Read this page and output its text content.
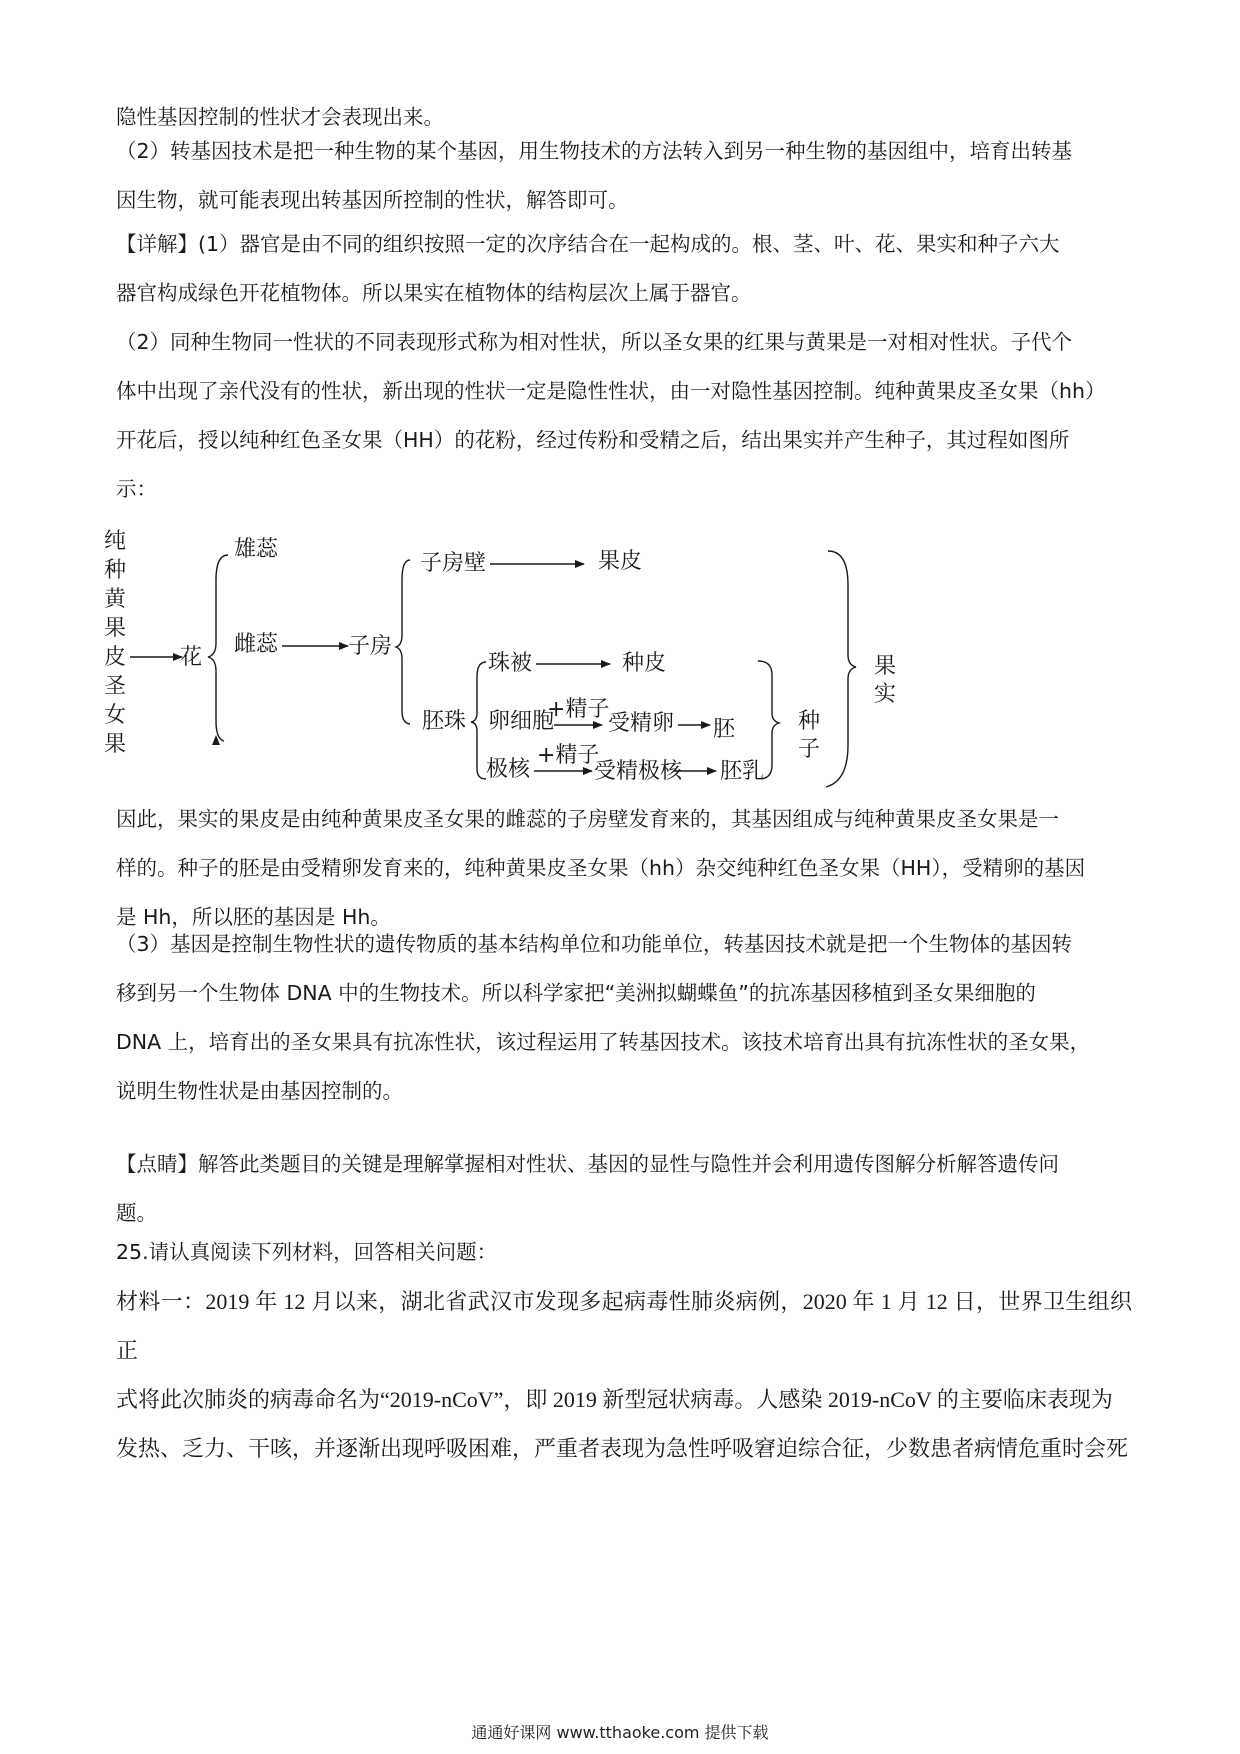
隐性基因控制的性状才会表现出来。
（2）转基因技术是把一种生物的某个基因，用生物技术的方法转入到另一种生物的基因组中，培育出转基
因生物，就可能表现出转基因所控制的性状，解答即可。
【详解】(1）器官是由不同的组织按照一定的次序结合在一起构成的。根、茎、叶、花、果实和种子六大
器官构成绿色开花植物体。所以果实在植物体的结构层次上属于器官。
（2）同种生物同一性状的不同表现形式称为相对性状，所以圣女果的红果与黄果是一对相对性状。子代个
体中出现了亲代没有的性状，新出现的性状一定是隐性性状，由一对隐性基因控制。纯种黄果皮圣女果（hh）
开花后，授以纯种红色圣女果（HH）的花粉，经过传粉和受精之后，结出果实并产生种子，其过程如图所
示：
纯
种
黄
果
皮
圣
女
果
花
雄蕊
雌蕊	子房
子房壁	果皮
胚珠
珠被	种皮
卵细胞
+精子
受精卵 胚
极核
+精子
受精极核 胚乳
种
子
果
实
因此，果实的果皮是由纯种黄果皮圣女果的雌蕊的子房壁发育来的，其基因组成与纯种黄果皮圣女果是一
样的。种子的胚是由受精卵发育来的，纯种黄果皮圣女果（hh）杂交纯种红色圣女果（HH），受精卵的基因
是 Hh，所以胚的基因是 Hh。
（3）基因是控制生物性状的遗传物质的基本结构单位和功能单位，转基因技术就是把一个生物体的基因转
移到另一个生物体 DNA 中的生物技术。所以科学家把“美洲拟蝴蝶鱼”的抗冻基因移植到圣女果细胞的
DNA 上，培育出的圣女果具有抗冻性状，该过程运用了转基因技术。该技术培育出具有抗冻性状的圣女果，
说明生物性状是由基因控制的。
【点睛】解答此类题目的关键是理解掌握相对性状、基因的显性与隐性并会利用遗传图解分析解答遗传问
题。
25.请认真阅读下列材料，回答相关问题：
材料一：2019 年 12 月以来，湖北省武汉市发现多起病毒性肺炎病例，2020 年 1 月 12 日，世界卫生组织正
式将此次肺炎的病毒命名为“2019-nCoV”，即 2019 新型冠状病毒。人感染 2019-nCoV 的主要临床表现为
发热、乏力、干咳，并逐渐出现呼吸困难，严重者表现为急性呼吸窘迫综合征，少数患者病情危重时会死
通通好课网 www.tthaoke.com 提供下载
